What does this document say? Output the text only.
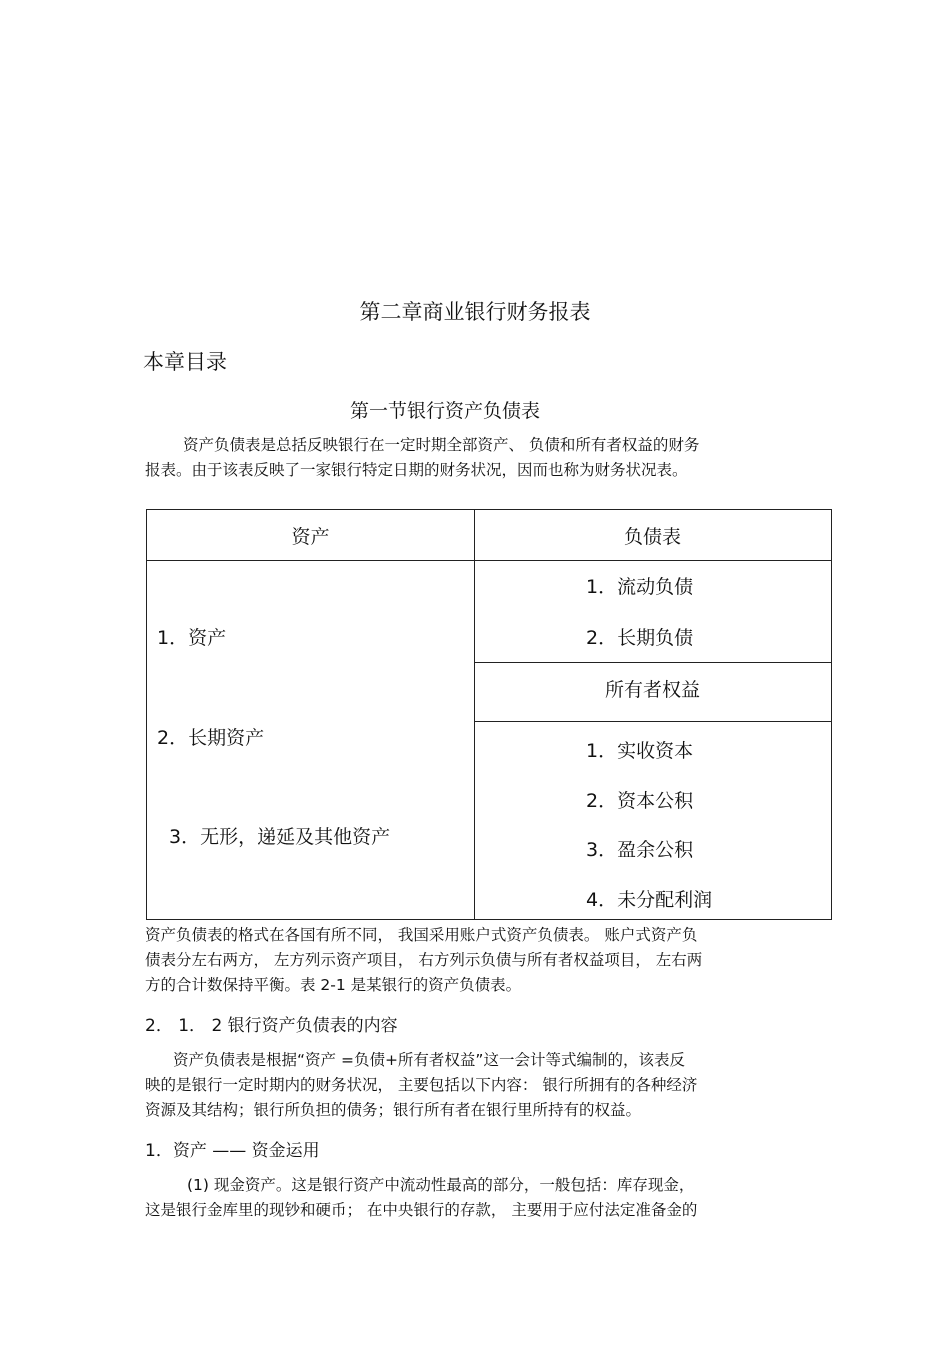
第二章商业银行财务报表
本章目录
第一节银行资产负债表
资产负债表是总括反映银行在一定时期全部资产、 负债和所有者权益的财务
报表。由于该表反映了一家银行特定日期的财务状况，因而也称为财务状况表。
资产	负债表
1．资产
2．长期资产
3．无形，递延及其他资产
1．流动负债
2．长期负债
所有者权益
1．实收资本
2．资本公积
3．盈余公积
4．未分配利润
资产负债表的格式在各国有所不同， 我国采用账户式资产负债表。 账户式资产负
债表分左右两方， 左方列示资产项目， 右方列示负债与所有者权益项目， 左右两
方的合计数保持平衡。表 2-1 是某银行的资产负债表。
2． 1． 2 银行资产负债表的内容
资产负债表是根据“资产 =负债+所有者权益”这一会计等式编制的，该表反
映的是银行一定时期内的财务状况， 主要包括以下内容： 银行所拥有的各种经济
资源及其结构；银行所负担的债务；银行所有者在银行里所持有的权益。
1．资产 —— 资金运用
(1) 现金资产。这是银行资产中流动性最高的部分，一般包括：库存现金，
这是银行金库里的现钞和硬币； 在中央银行的存款， 主要用于应付法定准备金的
